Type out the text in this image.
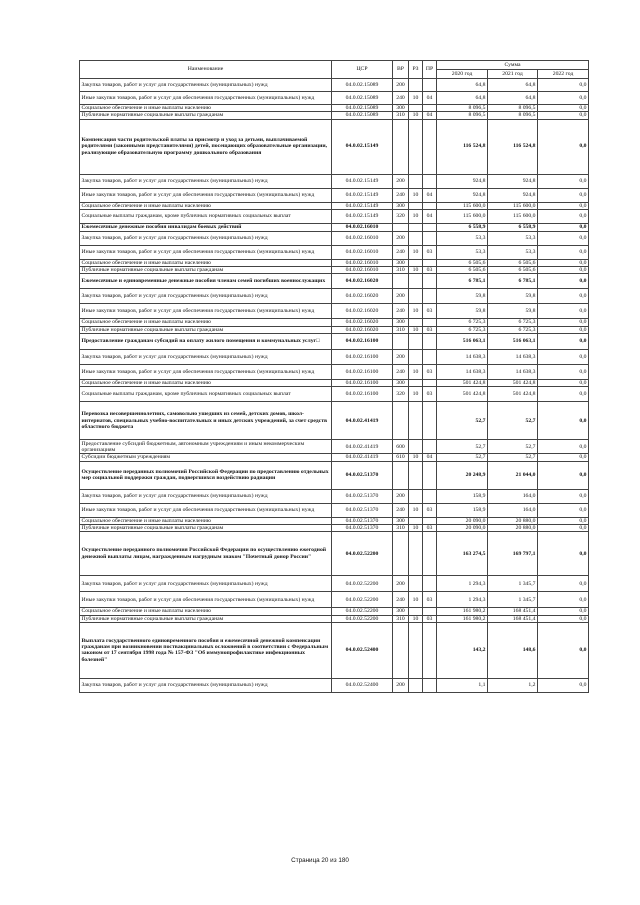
Наименование	ЦСР	ВР	РЗ	ПР	Сумма		
					2020 год	2021 год	2022 год
Закупка товаров, работ и услуг для государственных (муниципальных) нужд	04.0.02.15089	200			64,8	64,8	0,0
Иные закупки товаров, работ и услуг для обеспечения государственных (муниципальных) нужд	04.0.02.15089	240	10	04	64,8	64,8	0,0
Социальное обеспечение и иные выплаты населению	04.0.02.15089	300			8 096,5	8 096,5	0,0
Публичные нормативные социальные выплаты гражданам	04.0.02.15089	310	10	04	8 096,5	8 096,5	0,0
Компенсация части родительской платы за присмотр и уход за детьми, выплачиваемой родителями (законными представителями) детей, посещающих образовательные организации, реализующие образовательную программу дошкольного образования	04.0.02.15149				116 524,8	116 524,8	0,0
Закупка товаров, работ и услуг для государственных (муниципальных) нужд	04.0.02.15149	200			924,8	924,8	0,0
Иные закупки товаров, работ и услуг для обеспечения государственных (муниципальных) нужд	04.0.02.15149	240	10	04	924,8	924,8	0,0
Социальное обеспечение и иные выплаты населению	04.0.02.15149	300			115 600,0	115 600,0	0,0
Социальные выплаты гражданам, кроме публичных нормативных социальных выплат	04.0.02.15149	320	10	04	115 600,0	115 600,0	0,0
Ежемесячные денежные пособия инвалидам боевых действий	04.0.02.16010				6 558,9	6 558,9	0,0
Закупка товаров, работ и услуг для государственных (муниципальных) нужд	04.0.02.16010	200			53,3	53,3	0,0
Иные закупки товаров, работ и услуг для обеспечения государственных (муниципальных) нужд	04.0.02.16010	240	10	03	53,3	53,3	0,0
Социальное обеспечение и иные выплаты населению	04.0.02.16010	300			6 505,6	6 505,6	0,0
Публичные нормативные социальные выплаты гражданам	04.0.02.16010	310	10	03	6 505,6	6 505,6	0,0
Ежемесячные и единовременные денежные пособия членам семей погибших военнослужащих	04.0.02.16020				6 785,1	6 785,1	0,0
Закупка товаров, работ и услуг для государственных (муниципальных) нужд	04.0.02.16020	200			59,8	59,8	0,0
Иные закупки товаров, работ и услуг для обеспечения государственных (муниципальных) нужд	04.0.02.16020	240	10	03	59,8	59,8	0,0
Социальное обеспечение и иные выплаты населению	04.0.02.16020	300			6 725,3	6 725,3	0,0
Публичные нормативные социальные выплаты гражданам	04.0.02.16020	310	10	03	6 725,3	6 725,3	0,0
Предоставление гражданам субсидий на оплату жилого помещения и коммунальных услуг□	04.0.02.16100				516 063,1	516 063,1	0,0
Закупка товаров, работ и услуг для государственных (муниципальных) нужд	04.0.02.16100	200			14 638,3	14 638,3	0,0
Иные закупки товаров, работ и услуг для обеспечения государственных (муниципальных) нужд	04.0.02.16100	240	10	03	14 638,3	14 638,3	0,0
Социальное обеспечение и иные выплаты населению	04.0.02.16100	300			501 424,8	501 424,8	0,0
Социальные выплаты гражданам, кроме публичных нормативных социальных выплат	04.0.02.16100	320	10	03	501 424,8	501 424,8	0,0
Перевозка несовершеннолетних, самовольно ушедших из семей, детских домов, школ-интернатов, специальных учебно-воспитательных и иных детских учреждений, за счет средств областного бюджета	04.0.02.41419				52,7	52,7	0,0
Предоставление субсидий бюджетным, автономным учреждениям и иным некоммерческим организациям	04.0.02.41419	600			52,7	52,7	0,0
Субсидии бюджетным учреждениям	04.0.02.41419	610	10	04	52,7	52,7	0,0
Осуществление переданных полномочий Российской Федерации по предоставлению отдельных мер социальной поддержки граждан, подвергшихся воздействию радиации	04.0.02.51370				20 248,9	21 044,0	0,0
Закупка товаров, работ и услуг для государственных (муниципальных) нужд	04.0.02.51370	200			158,9	164,0	0,0
Иные закупки товаров, работ и услуг для обеспечения государственных (муниципальных) нужд	04.0.02.51370	240	10	03	158,9	164,0	0,0
Социальное обеспечение и иные выплаты населению	04.0.02.51370	300			20 090,0	20 880,0	0,0
Публичные нормативные социальные выплаты гражданам	04.0.02.51370	310	10	03	20 090,0	20 880,0	0,0
Осуществление переданного полномочия Российской Федерации по осуществлению ежегодной денежной выплаты лицам, награжденным нагрудным знаком "Почетный донор России"	04.0.02.52200				163 274,5	169 797,1	0,0
Закупка товаров, работ и услуг для государственных (муниципальных) нужд	04.0.02.52200	200			1 294,3	1 345,7	0,0
Иные закупки товаров, работ и услуг для обеспечения государственных (муниципальных) нужд	04.0.02.52200	240	10	03	1 294,3	1 345,7	0,0
Социальное обеспечение и иные выплаты населению	04.0.02.52200	300			161 980,2	168 451,4	0,0
Публичные нормативные социальные выплаты гражданам	04.0.02.52200	310	10	03	161 980,2	168 451,4	0,0
Выплата государственного единовременного пособия и ежемесячной денежной компенсации гражданам при возникновении поствакцинальных осложнений в соответствии с Федеральным законом от 17 сентября 1998 года № 157-ФЗ "Об иммунопрофилактике инфекционных болезней"	04.0.02.52400				143,2	148,6	0,0
Закупка товаров, работ и услуг для государственных (муниципальных) нужд	04.0.02.52400	200			1,1	1,2	0,0
Страница 20 из 180
